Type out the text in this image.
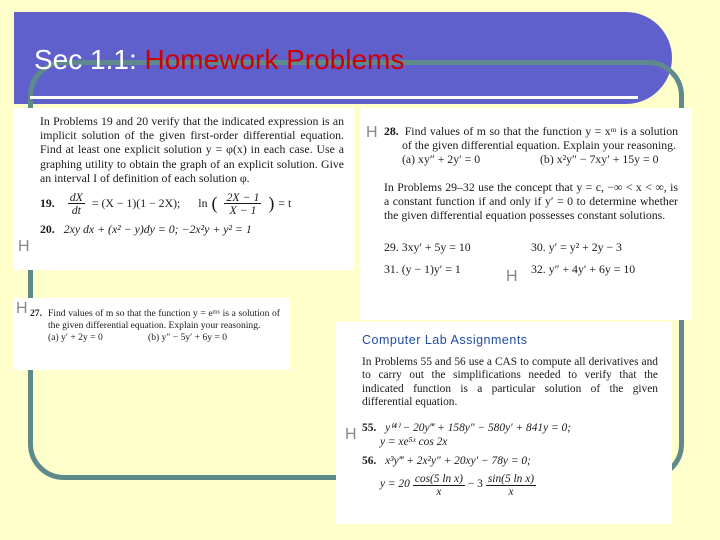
Sec 1.1: Homework Problems
In Problems 19 and 20 verify that the indicated expression is an implicit solution of the given first-order differential equation. Find at least one explicit solution y = φ(x) in each case. Use a graphing utility to obtain the graph of an explicit solution. Give an interval I of definition of each solution φ.
19. $\frac{dX}{dt} = (X - 1)(1 - 2X)$; ln ( $\frac{2X - 1}{X - 1}$ ) = t
20. 2xy dx + (x² − y)dy = 0; −2x²y + y² = 1
28. Find values of m so that the function y = xᵐ is a solution of the given differential equation. Explain your reasoning.
(a) xy″ + 2y′ = 0	(b) x²y″ − 7xy′ + 15y = 0
In Problems 29–32 use the concept that y = c, −∞ < x < ∞, is a constant function if and only if y′ = 0 to determine whether the given differential equation possesses constant solutions.
29. 3xy′ + 5y = 10	30. y′ = y² + 2y − 3
31. (y − 1)y′ = 1	32. y″ + 4y′ + 6y = 10
27. Find values of m so that the function y = eᵐˣ is a solution of the given differential equation. Explain your reasoning.
(a) y′ + 2y = 0	(b) y″ − 5y′ + 6y = 0	Computer Lab Assignments
In Problems 55 and 56 use a CAS to compute all derivatives and to carry out the simplifications needed to verify that the indicated function is a particular solution of the given differential equation.
55. y⁽⁴⁾ − 20y‴ + 158y″ − 580y′ + 841y = 0;
y = xe⁵ˣ cos 2x
56. x³y‴ + 2x²y″ + 20xy′ − 78y = 0;
$y = 20 \frac{\text{cos(5 ln x)}}{x} - 3 \frac{\text{sin(5 ln x)}}{x}$
H
H
H
H
H
